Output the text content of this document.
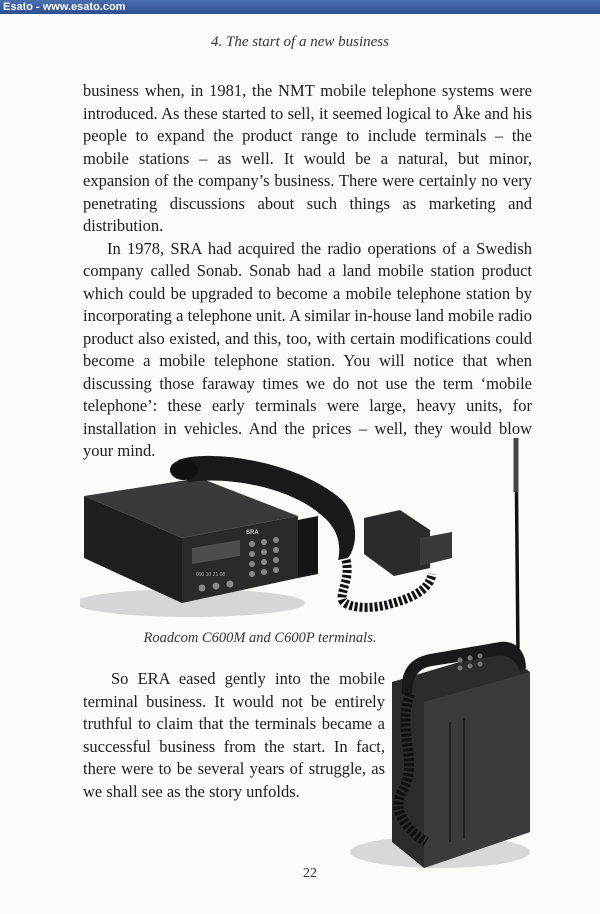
Esato - www.esato.com
4. The start of a new business

business when, in 1981, the NMT mobile telephone systems were introduced. As these started to sell, it seemed logical to Åke and his people to expand the product range to include terminals – the mobile stations – as well. It would be a natural, but minor, expansion of the company’s business. There were certainly no very penetrating discussions about such things as marketing and distribution.

In 1978, SRA had acquired the radio operations of a Swedish company called Sonab. Sonab had a land mobile station product which could be upgraded to become a mobile telephone station by incorporating a telephone unit. A similar in-house land mobile radio product also existed, and this, too, with certain modifications could become a mobile telephone station. You will notice that when discussing those faraway times we do not use the term ‘mobile telephone’: these early terminals were large, heavy units, for installation in vehicles. And the prices – well, they would blow your mind.

090 10 21 08
SRA
Roadcom C600M and C600P terminals.

So ERA eased gently into the mobile terminal business. It would not be entirely truthful to claim that the terminals became a successful business from the start. In fact, there were to be several years of struggle, as we shall see as the story unfolds.

22
